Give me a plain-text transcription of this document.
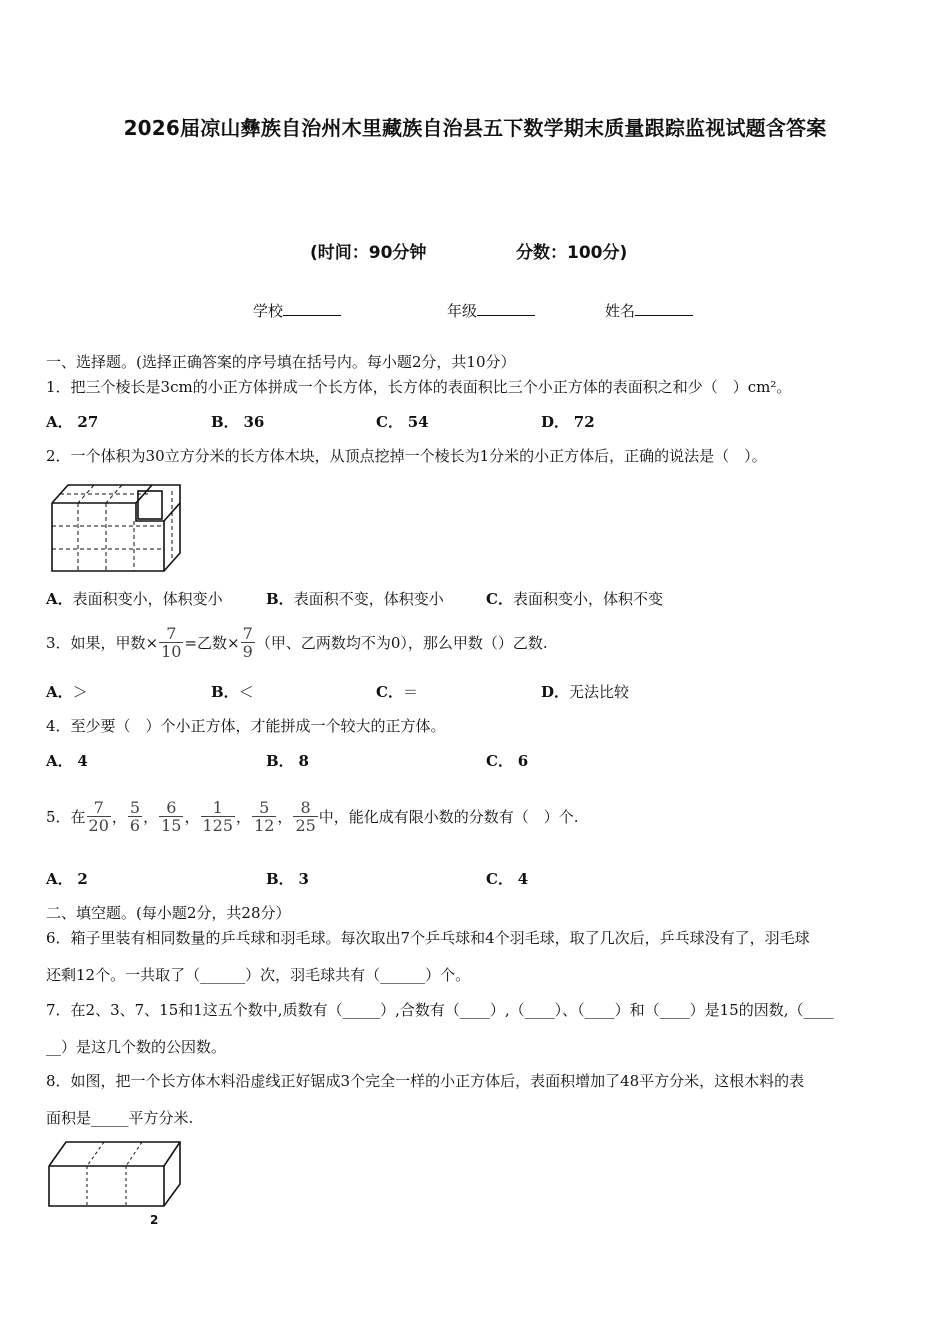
2026届凉山彝族自治州木里藏族自治县五下数学期末质量跟踪监视试题含答案
(时间：90分钟	分数：100分)
学校	年级	姓名
一、选择题。(选择正确答案的序号填在括号内。每小题2分，共10分）
1．把三个棱长是3cm的小正方体拼成一个长方体，长方体的表面积比三个小正方体的表面积之和少（　）cm²。
A． 27	B． 36	C． 54	D． 72
2．一个体积为30立方分米的长方体木块，从顶点挖掉一个棱长为1分米的小正方体后，正确的说法是（　）。
A．表面积变小，体积变小	B．表面积不变，体积变小	C．表面积变小，体积不变
3．如果，甲数× $\frac{7}{10}$ =乙数× $\frac{7}{9}$ （甲、乙两数均不为0），那么甲数（）乙数.
A．＞	B．＜	C．＝	D．无法比较
4．至少要（　）个小正方体，才能拼成一个较大的正方体。
A． 4	B． 8	C． 6
5．在 $\frac{7}{20}$ ， $\frac{5}{6}$ ， $\frac{6}{15}$ ， $\frac{1}{125}$ ， $\frac{5}{12}$ ， $\frac{8}{25}$ 中，能化成有限小数的分数有（　）个.
A． 2	B． 3	C． 4
二、填空题。(每小题2分，共28分）
6．箱子里装有相同数量的乒乓球和羽毛球。每次取出7个乒乓球和4个羽毛球，取了几次后，乒乓球没有了，羽毛球
还剩12个。一共取了（______）次，羽毛球共有（______）个。
7．在2、3、7、15和1这五个数中,质数有（_____）,合数有（____）,（____）、（____）和（____）是15的因数,（____
__）是这几个数的公因数。
8．如图，把一个长方体木料沿虚线正好锯成3个完全一样的小正方体后，表面积增加了48平方分米，这根木料的表
面积是_____平方分米.
2
